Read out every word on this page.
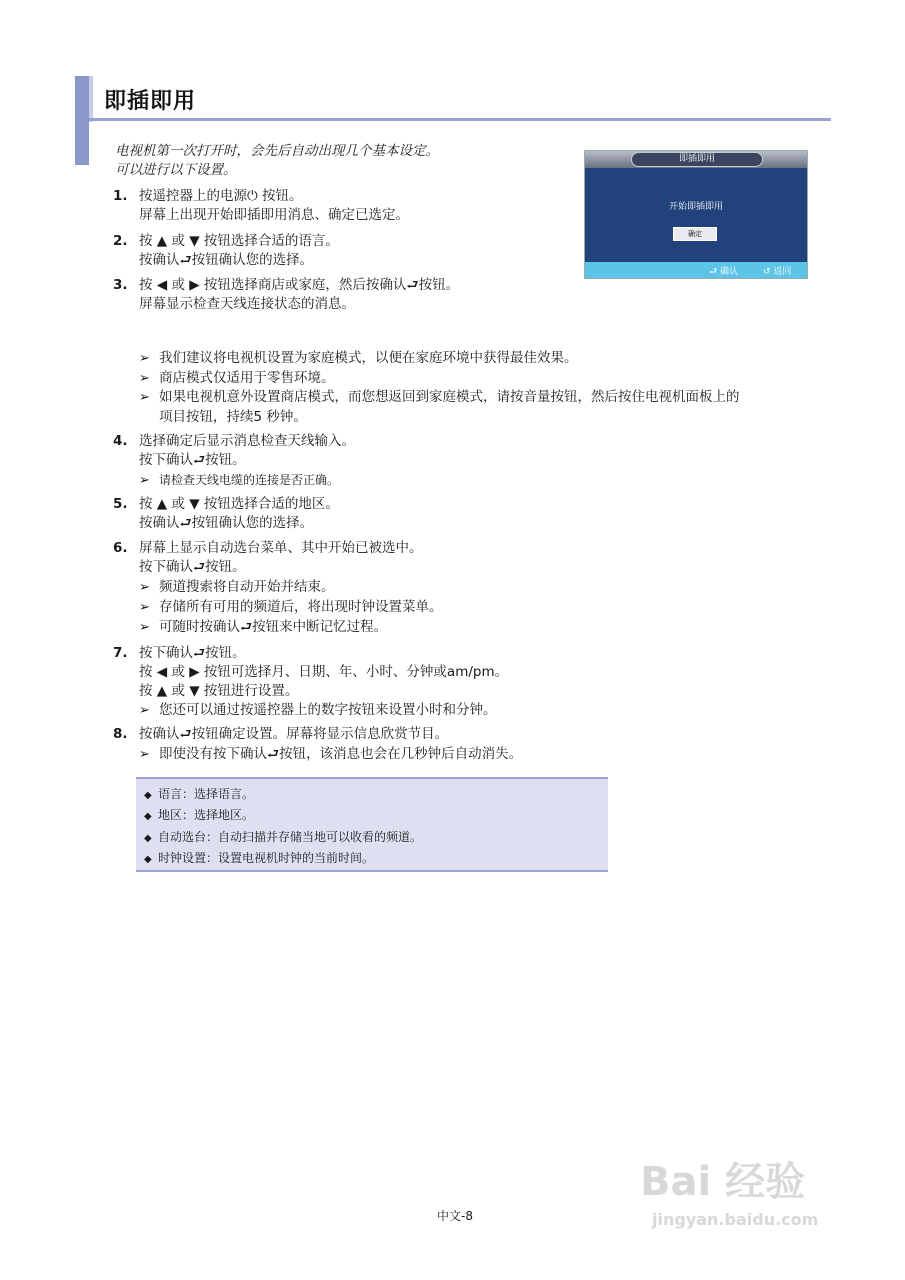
即插即用
电视机第一次打开时，会先后自动出现几个基本设定。
可以进行以下设置。
即插即用
开始即插即用
确定
⮐ 确认	↺ 返回
1. 按遥控器上的电源⏻ 按钮。
屏幕上出现开始即插即用消息、确定已选定。
2. 按 ▲ 或 ▼ 按钮选择合适的语言。
按确认⮐按钮确认您的选择。
3. 按 ◀ 或 ▶ 按钮选择商店或家庭，然后按确认⮐按钮。
屏幕显示检查天线连接状态的消息。
➢ 我们建议将电视机设置为家庭模式，以便在家庭环境中获得最佳效果。
➢ 商店模式仅适用于零售环境。
➢ 如果电视机意外设置商店模式，而您想返回到家庭模式，请按音量按钮，然后按住电视机面板上的
项目按钮，持续5 秒钟。
4. 选择确定后显示消息检查天线输入。
按下确认⮐按钮。
➢ 请检查天线电缆的连接是否正确。
5. 按 ▲ 或 ▼ 按钮选择合适的地区。
按确认⮐按钮确认您的选择。
6. 屏幕上显示自动选台菜单、其中开始已被选中。
按下确认⮐按钮。
➢ 频道搜索将自动开始并结束。
➢ 存储所有可用的频道后，将出现时钟设置菜单。
➢ 可随时按确认⮐按钮来中断记忆过程。
7. 按下确认⮐按钮。
按 ◀ 或 ▶ 按钮可选择月、日期、年、小时、分钟或am/pm。
按 ▲ 或 ▼ 按钮进行设置。
➢ 您还可以通过按遥控器上的数字按钮来设置小时和分钟。
8. 按确认⮐按钮确定设置。屏幕将显示信息欣赏节目。
➢ 即使没有按下确认⮐按钮，该消息也会在几秒钟后自动消失。
◆ 语言：选择语言。
◆ 地区：选择地区。
◆ 自动选台：自动扫描并存储当地可以收看的频道。
◆ 时钟设置：设置电视机时钟的当前时间。
Bai 经验
jingyan.baidu.com
中文-8
